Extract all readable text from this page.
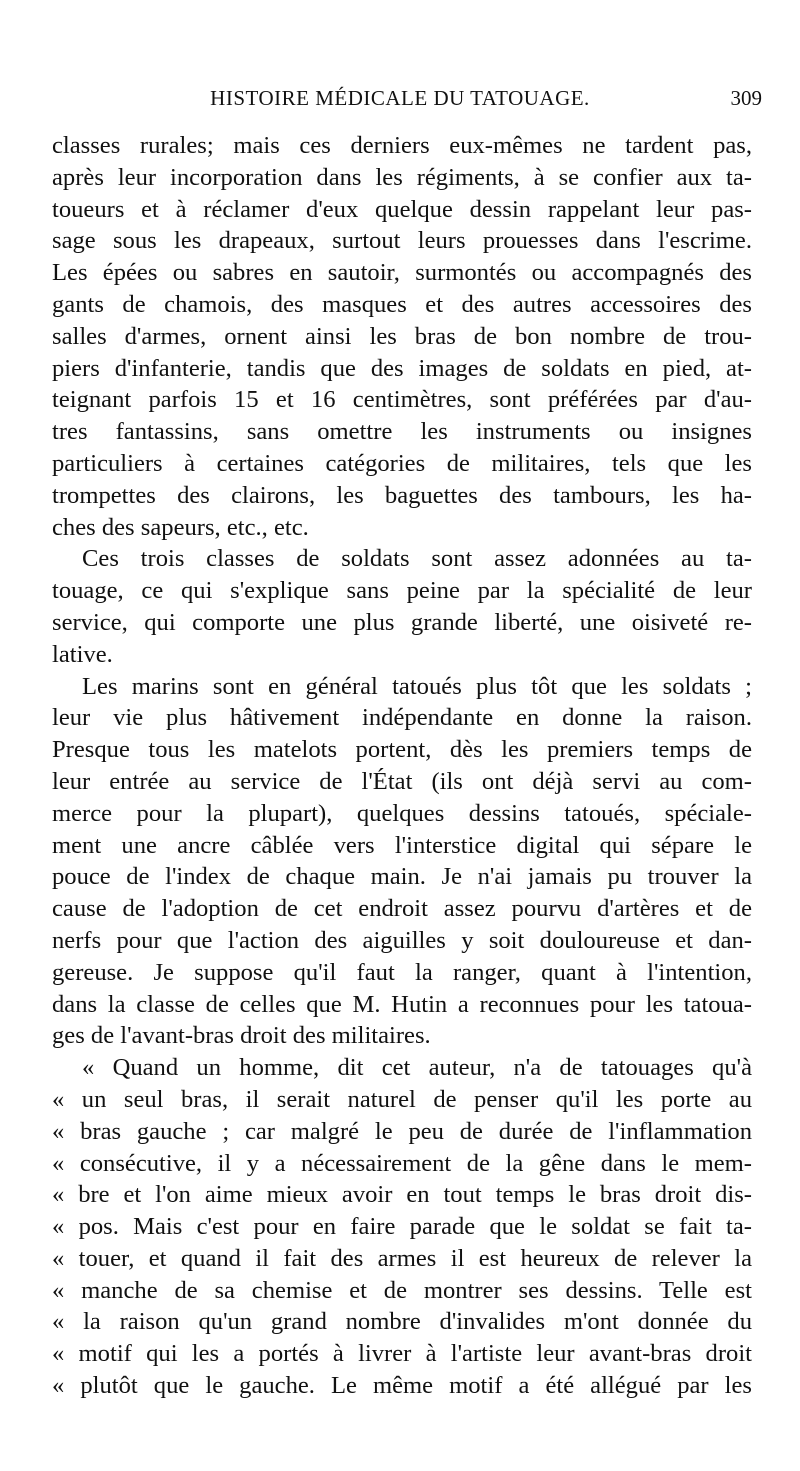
HISTOIRE MÉDICALE DU TATOUAGE.	309
classes rurales; mais ces derniers eux-mêmes ne tardent pas,
après leur incorporation dans les régiments, à se confier aux ta-
toueurs et à réclamer d'eux quelque dessin rappelant leur pas-
sage sous les drapeaux, surtout leurs prouesses dans l'escrime.
Les épées ou sabres en sautoir, surmontés ou accompagnés des
gants de chamois, des masques et des autres accessoires des
salles d'armes, ornent ainsi les bras de bon nombre de trou-
piers d'infanterie, tandis que des images de soldats en pied, at-
teignant parfois 15 et 16 centimètres, sont préférées par d'au-
tres fantassins, sans omettre les instruments ou insignes
particuliers à certaines catégories de militaires, tels que les
trompettes des clairons, les baguettes des tambours, les ha-
ches des sapeurs, etc., etc.
Ces trois classes de soldats sont assez adonnées au ta-
touage, ce qui s'explique sans peine par la spécialité de leur
service, qui comporte une plus grande liberté, une oisiveté re-
lative.
Les marins sont en général tatoués plus tôt que les soldats ;
leur vie plus hâtivement indépendante en donne la raison.
Presque tous les matelots portent, dès les premiers temps de
leur entrée au service de l'État (ils ont déjà servi au com-
merce pour la plupart), quelques dessins tatoués, spéciale-
ment une ancre câblée vers l'interstice digital qui sépare le
pouce de l'index de chaque main. Je n'ai jamais pu trouver la
cause de l'adoption de cet endroit assez pourvu d'artères et de
nerfs pour que l'action des aiguilles y soit douloureuse et dan-
gereuse. Je suppose qu'il faut la ranger, quant à l'intention,
dans la classe de celles que M. Hutin a reconnues pour les tatoua-
ges de l'avant-bras droit des militaires.
« Quand un homme, dit cet auteur, n'a de tatouages qu'à
« un seul bras, il serait naturel de penser qu'il les porte au
« bras gauche ; car malgré le peu de durée de l'inflammation
« consécutive, il y a nécessairement de la gêne dans le mem-
« bre et l'on aime mieux avoir en tout temps le bras droit dis-
« pos. Mais c'est pour en faire parade que le soldat se fait ta-
« touer, et quand il fait des armes il est heureux de relever la
« manche de sa chemise et de montrer ses dessins. Telle est
« la raison qu'un grand nombre d'invalides m'ont donnée du
« motif qui les a portés à livrer à l'artiste leur avant-bras droit
« plutôt que le gauche. Le même motif a été allégué par les
